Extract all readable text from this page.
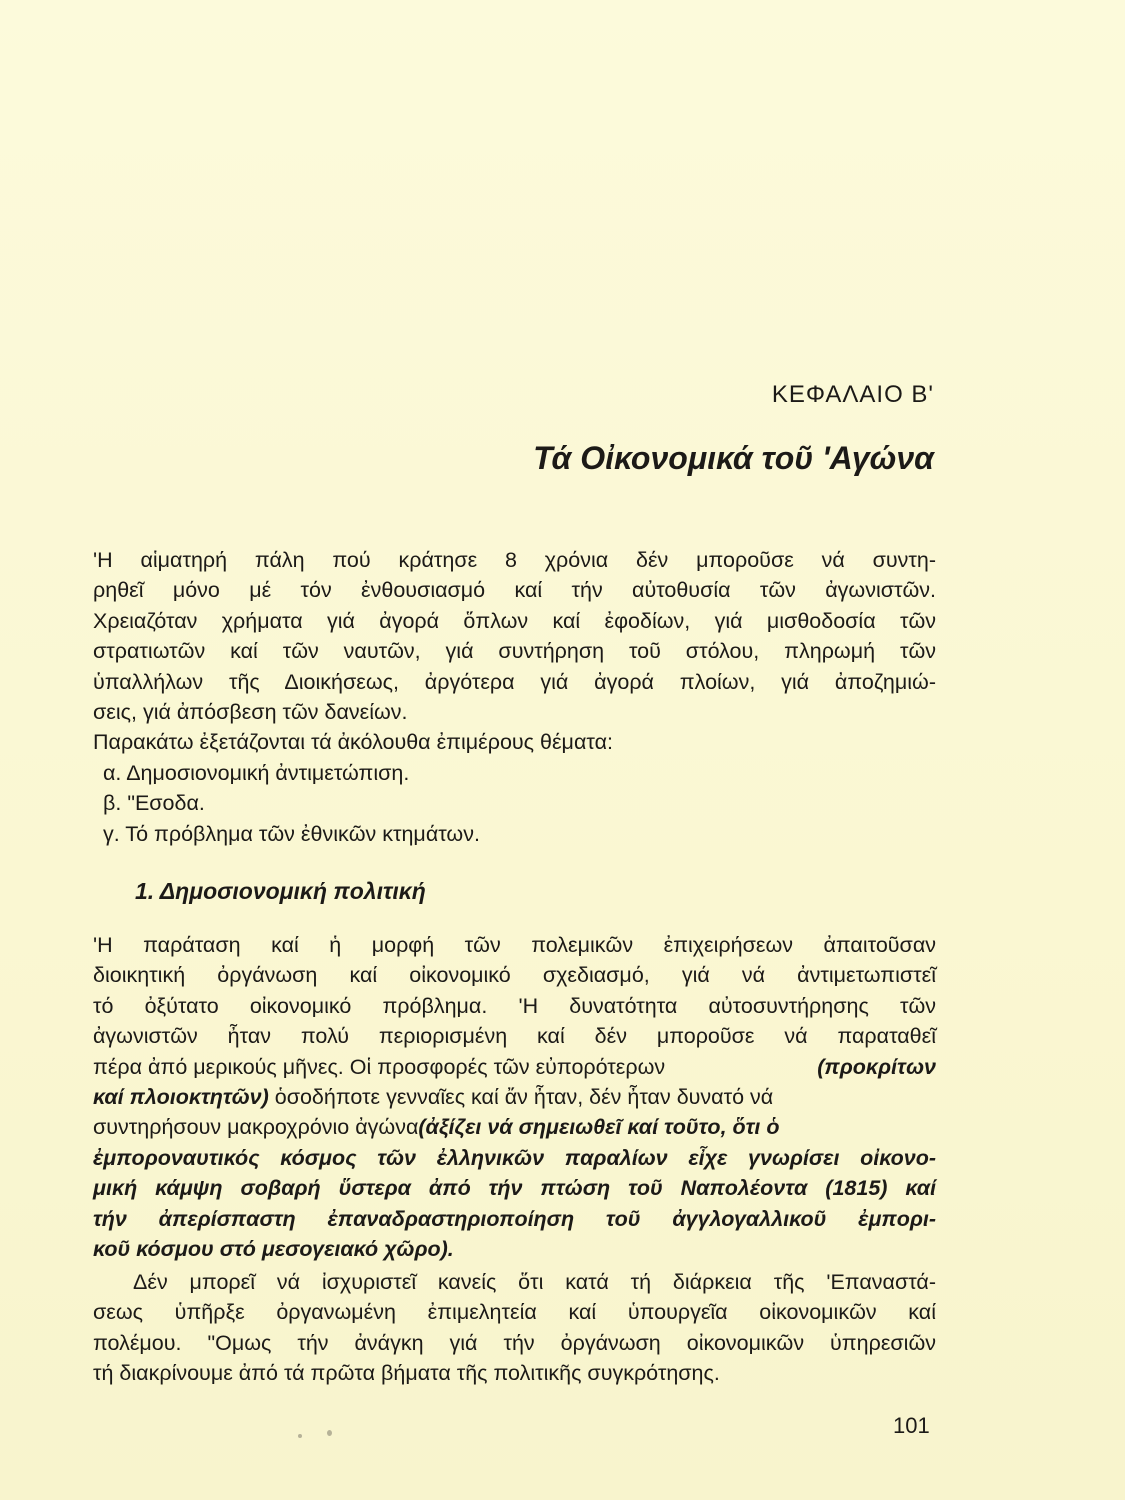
ΚΕΦΑΛΑΙΟ Β'
Τά Οἰκονομικά τοῦ 'Αγώνα
'Η αἱματηρή πάλη πού κράτησε 8 χρόνια δέν μποροῦσε νά συντη-
ρηθεῖ μόνο μέ τόν ἐνθουσιασμό καί τήν αὐτοθυσία τῶν ἀγωνιστῶν.
Χρειαζόταν χρήματα γιά ἀγορά ὅπλων καί ἐφοδίων, γιά μισθοδοσία τῶν
στρατιωτῶν καί τῶν ναυτῶν, γιά συντήρηση τοῦ στόλου, πληρωμή τῶν
ὑπαλλήλων τῆς Διοικήσεως, ἀργότερα γιά ἀγορά πλοίων, γιά ἀποζημιώ-
σεις, γιά ἀπόσβεση τῶν δανείων.
Παρακάτω ἐξετάζονται τά ἀκόλουθα ἐπιμέρους θέματα:
α. Δημοσιονομική ἀντιμετώπιση.
β. "Εσοδα.
γ. Τό πρόβλημα τῶν ἐθνικῶν κτημάτων.
1. Δημοσιονομική πολιτική
'Η παράταση καί ἡ μορφή τῶν πολεμικῶν ἐπιχειρήσεων ἀπαιτοῦσαν
διοικητική ὀργάνωση καί οἰκονομικό σχεδιασμό, γιά νά ἀντιμετωπιστεῖ
τό ὀξύτατο οἰκονομικό πρόβλημα. 'Η δυνατότητα αὐτοσυντήρησης τῶν
ἀγωνιστῶν ἦταν πολύ περιορισμένη καί δέν μποροῦσε νά παραταθεῖ
πέρα ἀπό μερικούς μῆνες. Οἱ προσφορές τῶν εὐπορότερων	(προκρίτων
καί πλοιοκτητῶν) ὁσοδήποτε γενναῖες καί ἄν ἦταν, δέν ἦταν δυνατό νά
συντηρήσουν μακροχρόνιο ἀγώνα(ἀξίζει νά σημειωθεῖ καί τοῦτο, ὅτι ὁ
ἐμποροναυτικός κόσμος τῶν ἐλληνικῶν παραλίων εἶχε γνωρίσει οἰκονο-
μική κάμψη σοβαρή ὕστερα ἀπό τήν πτώση τοῦ Ναπολέοντα (1815) καί
τήν ἀπερίσπαστη ἐπαναδραστηριοποίηση τοῦ ἀγγλογαλλικοῦ ἐμπορι-
κοῦ κόσμου στό μεσογειακό χῶρο).
Δέν μπορεῖ νά ἰσχυριστεῖ κανείς ὅτι κατά τή διάρκεια τῆς 'Επαναστά-
σεως ὑπῆρξε ὀργανωμένη ἐπιμελητεία καί ὑπουργεῖα οἰκονομικῶν καί
πολέμου. "Ομως τήν ἀνάγκη γιά τήν ὀργάνωση οἰκονομικῶν ὑπηρεσιῶν
τή διακρίνουμε ἀπό τά πρῶτα βήματα τῆς πολιτικῆς συγκρότησης.
101
